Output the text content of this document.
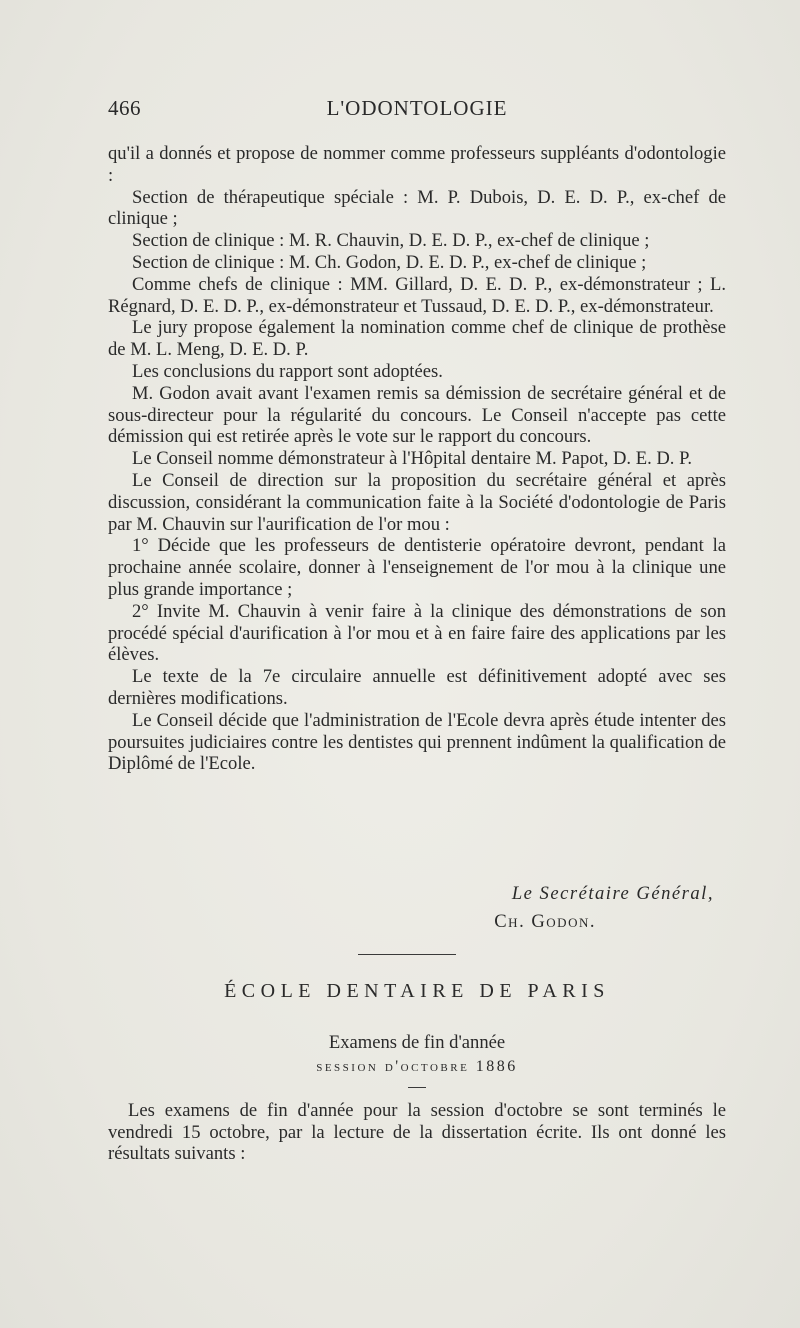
466	L'ODONTOLOGIE

qu'il a donnés et propose de nommer comme professeurs suppléants d'odontologie :

Section de thérapeutique spéciale : M. P. Dubois, D. E. D. P., ex-chef de clinique ;

Section de clinique : M. R. Chauvin, D. E. D. P., ex-chef de clinique ;

Section de clinique : M. Ch. Godon, D. E. D. P., ex-chef de clinique ;

Comme chefs de clinique : MM. Gillard, D. E. D. P., ex-démonstrateur ; L. Régnard, D. E. D. P., ex-démonstrateur et Tussaud, D. E. D. P., ex-démonstrateur.

Le jury propose également la nomination comme chef de clinique de prothèse de M. L. Meng, D. E. D. P.

Les conclusions du rapport sont adoptées.

M. Godon avait avant l'examen remis sa démission de secrétaire général et de sous-directeur pour la régularité du concours. Le Conseil n'accepte pas cette démission qui est retirée après le vote sur le rapport du concours.

Le Conseil nomme démonstrateur à l'Hôpital dentaire M. Papot, D. E. D. P.

Le Conseil de direction sur la proposition du secrétaire général et après discussion, considérant la communication faite à la Société d'odontologie de Paris par M. Chauvin sur l'aurification de l'or mou :

1° Décide que les professeurs de dentisterie opératoire devront, pendant la prochaine année scolaire, donner à l'enseignement de l'or mou à la clinique une plus grande importance ;

2° Invite M. Chauvin à venir faire à la clinique des démonstrations de son procédé spécial d'aurification à l'or mou et à en faire faire des applications par les élèves.

Le texte de la 7e circulaire annuelle est définitivement adopté avec ses dernières modifications.

Le Conseil décide que l'administration de l'Ecole devra après étude intenter des poursuites judiciaires contre les dentistes qui prennent indûment la qualification de Diplômé de l'Ecole.

Le Secrétaire Général,
Ch. Godon.
ÉCOLE DENTAIRE DE PARIS
Examens de fin d'année
session d'octobre 1886

Les examens de fin d'année pour la session d'octobre se sont terminés le vendredi 15 octobre, par la lecture de la dissertation écrite. Ils ont donné les résultats suivants :
